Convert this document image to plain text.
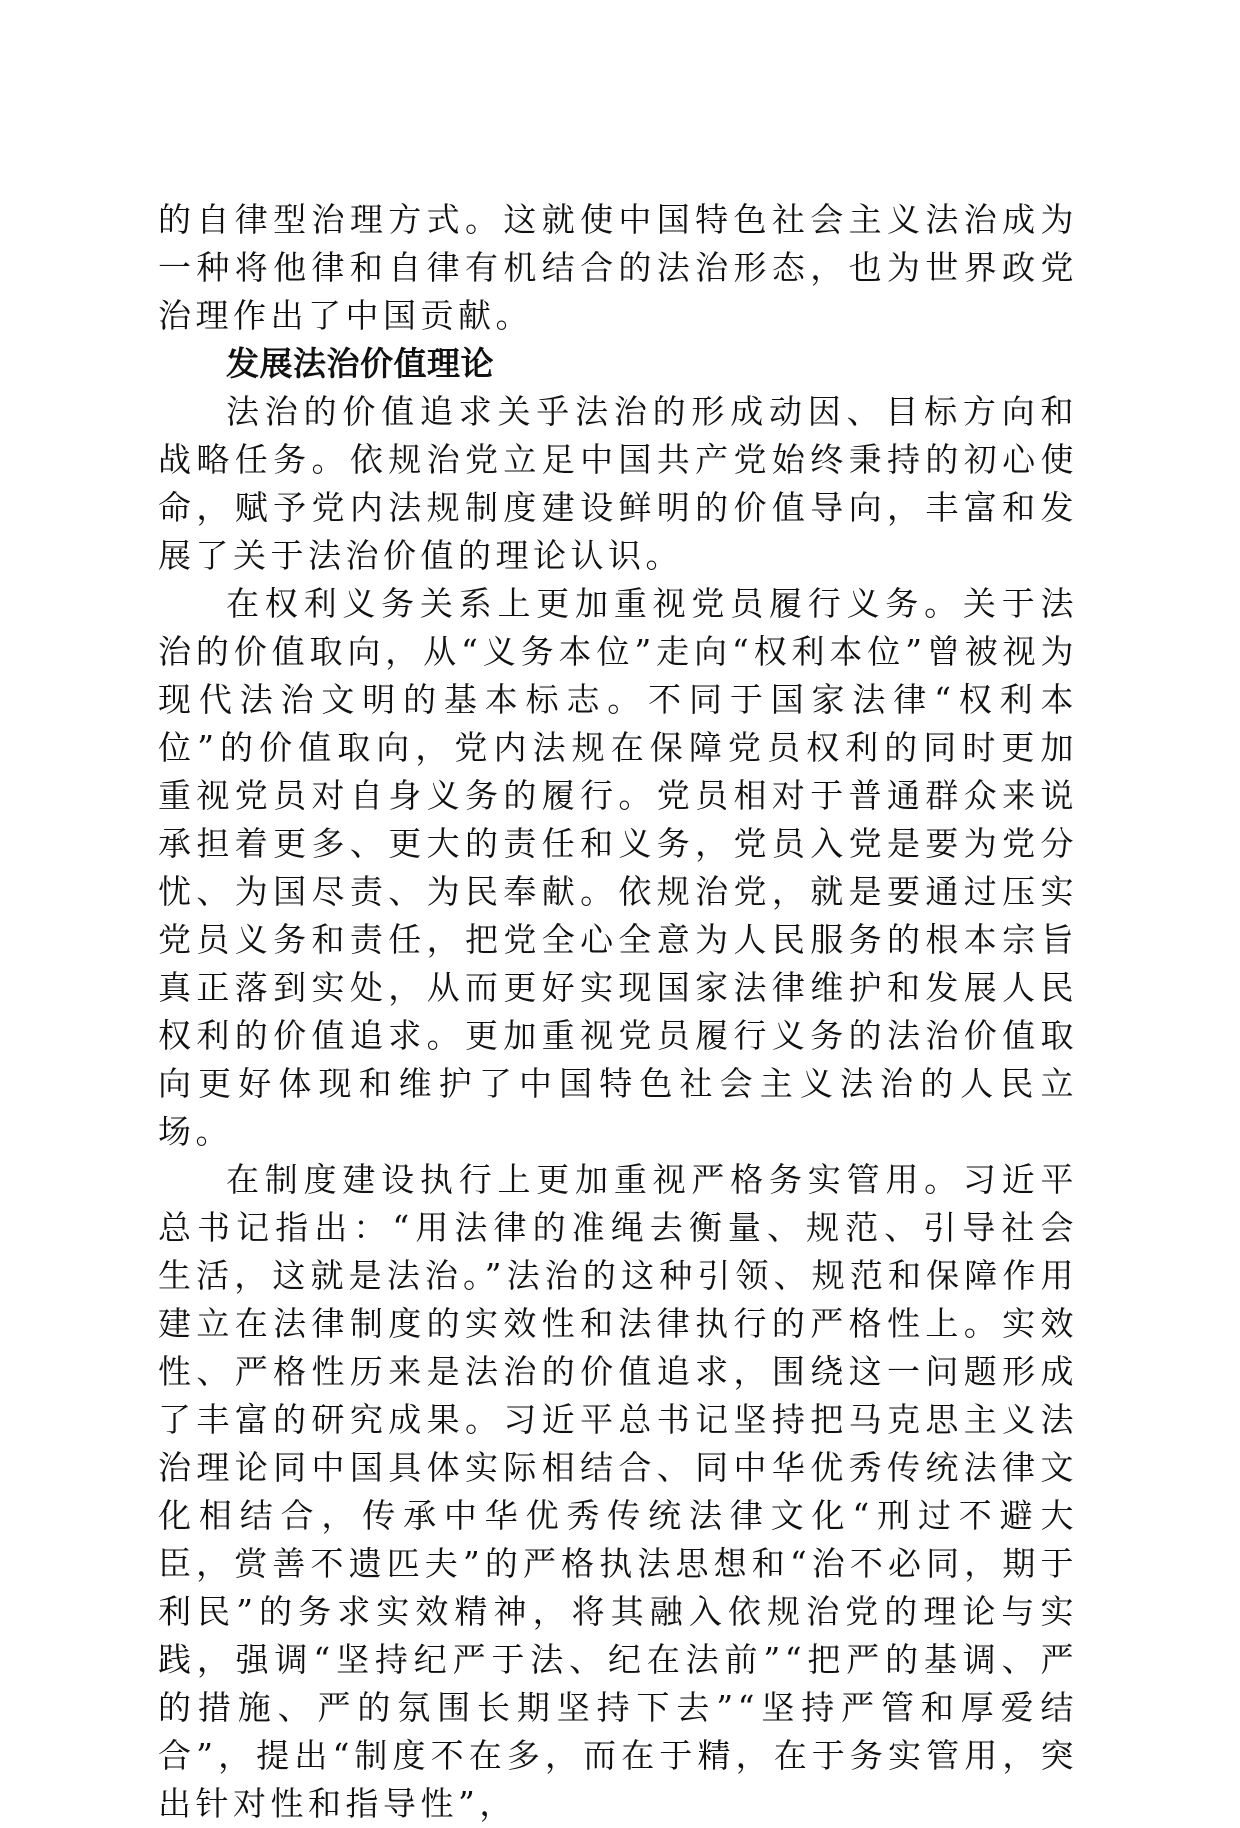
的自律型治理方式。这就使中国特色社会主义法治成为一种将他律和自律有机结合的法治形态，也为世界政党治理作出了中国贡献。

发展法治价值理论

法治的价值追求关乎法治的形成动因、目标方向和战略任务。依规治党立足中国共产党始终秉持的初心使命，赋予党内法规制度建设鲜明的价值导向，丰富和发展了关于法治价值的理论认识。

在权利义务关系上更加重视党员履行义务。关于法治的价值取向，从“义务本位”走向“权利本位”曾被视为现代法治文明的基本标志。不同于国家法律“权利本位”的价值取向，党内法规在保障党员权利的同时更加重视党员对自身义务的履行。党员相对于普通群众来说承担着更多、更大的责任和义务，党员入党是要为党分忧、为国尽责、为民奉献。依规治党，就是要通过压实党员义务和责任，把党全心全意为人民服务的根本宗旨真正落到实处，从而更好实现国家法律维护和发展人民权利的价值追求。更加重视党员履行义务的法治价值取向更好体现和维护了中国特色社会主义法治的人民立场。

在制度建设执行上更加重视严格务实管用。习近平总书记指出：“用法律的准绳去衡量、规范、引导社会生活，这就是法治。”法治的这种引领、规范和保障作用建立在法律制度的实效性和法律执行的严格性上。实效性、严格性历来是法治的价值追求，围绕这一问题形成了丰富的研究成果。习近平总书记坚持把马克思主义法治理论同中国具体实际相结合、同中华优秀传统法律文化相结合，传承中华优秀传统法律文化“刑过不避大臣，赏善不遗匹夫”的严格执法思想和“治不必同，期于利民”的务求实效精神，将其融入依规治党的理论与实践，强调“坚持纪严于法、纪在法前”“把严的基调、严的措施、严的氛围长期坚持下去”“坚持严管和厚爱结合”，提出“制度不在多，而在于精，在于务实管用，突出针对性和指导性”，
